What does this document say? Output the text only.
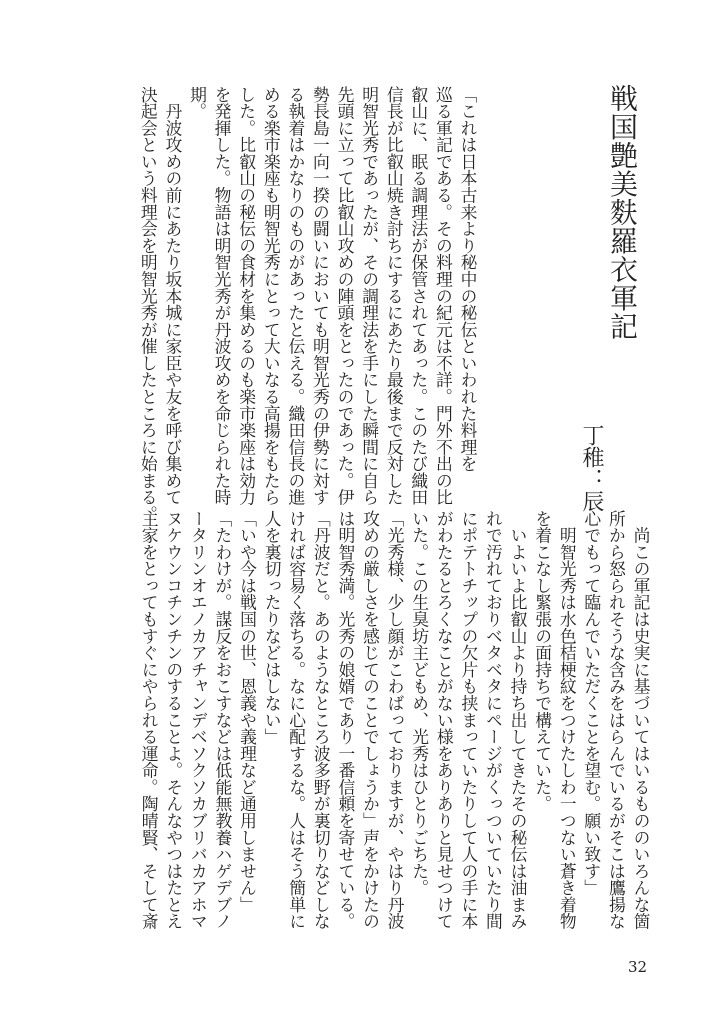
戦国艶美麩羅衣軍記
丁稚：辰
「これは日本古来より秘中の秘伝といわれた料理を
巡る軍記である。その料理の紀元は不詳。門外不出の比
叡山に、眠る調理法が保管されてあった。このたび織田
信長が比叡山焼き討ちにするにあたり最後まで反対した
明智光秀であったが、その調理法を手にした瞬間に自ら
先頭に立って比叡山攻めの陣頭をとったのであった。伊
勢長島一向一揆の闘いにおいても明智光秀の伊勢に対す
る執着はかなりのものがあったと伝える。織田信長の進
める楽市楽座も明智光秀にとって大いなる高揚をもたら
した。比叡山の秘伝の食材を集めるのも楽市楽座は効力
を発揮した。物語は明智光秀が丹波攻めを命じられた時
期。
　丹波攻めの前にあたり坂本城に家臣や友を呼び集めて
決起会という料理会を明智光秀が催したところに始まる。
　尚この軍記は史実に基づいてはいるもののいろんな箇
所から怒られそうな含みをはらんでいるがそこは鷹揚な
心でもって臨んでいただくことを望む。願い致す」
　明智光秀は水色桔梗紋をつけたしわ一つない蒼き着物
を着こなし緊張の面持ちで構えていた。
　いよいよ比叡山より持ち出してきたその秘伝は油まみ
れで汚れておりベタベタにページがくっついていたり間
にポテトチップの欠片も挟まっていたりして人の手に本
がわたるとろくなことがない様をありありと見せつけて
いた。この生臭坊主どもめ、光秀はひとりごちた。
「光秀様、少し顔がこわばっておりますが、やはり丹波
攻めの厳しさを感じてのことでしょうか」声をかけたの
は明智秀満。光秀の娘婿であり一番信頼を寄せている。
「丹波だと。あのようなところ波多野が裏切りなどしな
ければ容易く落ちる。なに心配するな。人はそう簡単に
人を裏切ったりなどはしない」
「いや今は戦国の世、恩義や義理など通用しません」
「たわけが。謀反をおこすなどは低能無教養ハゲデブノ
ータリンオエノカアチャンデベソクソカブリバカアホマ
ヌケウンコチンチンのすることよ。そんなやつはたとえ
主家をとってもすぐにやられる運命。陶晴賢、そして斎
32
